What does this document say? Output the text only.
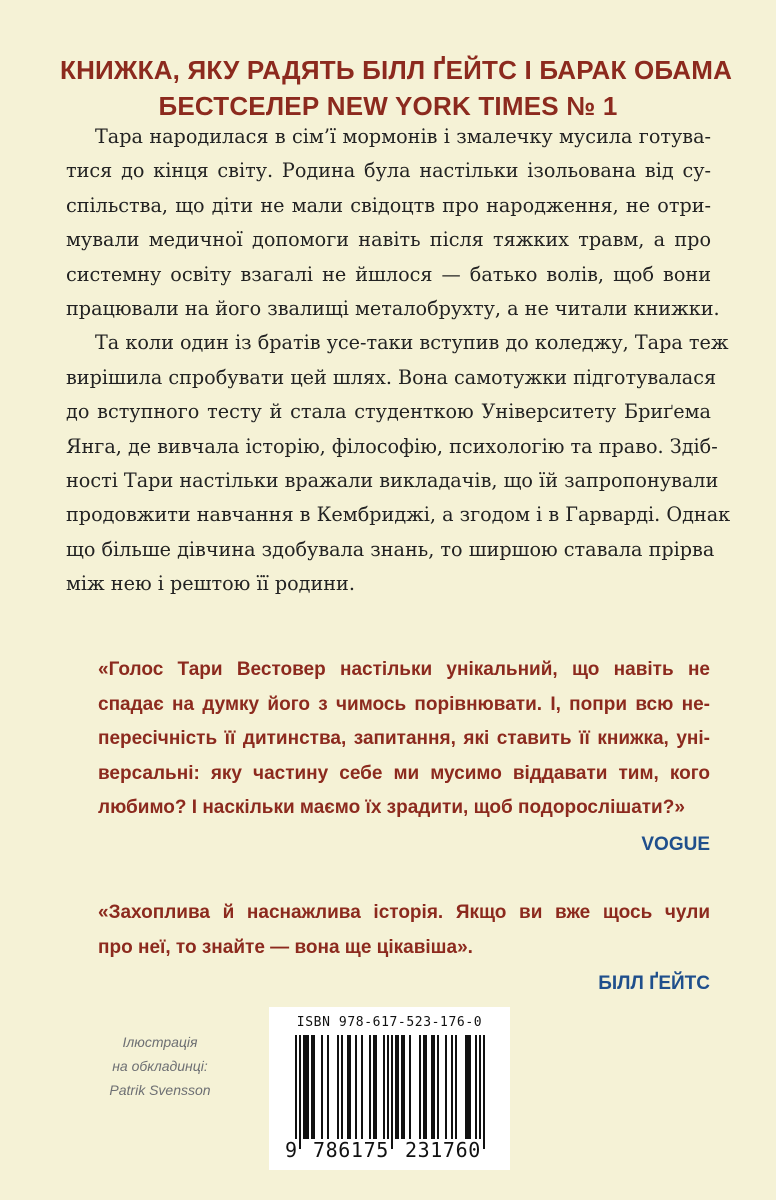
КНИЖКА, ЯКУ РАДЯТЬ БІЛЛ ҐЕЙТС І БАРАК ОБАМА
БЕСТСЕЛЕР NEW YORK TIMES № 1
Тара народилася в сім’ї мормонів і змалечку мусила готува-
тися до кінця світу. Родина була настільки ізольована від су-
спільства, що діти не мали свідоцтв про народження, не отри-
мували медичної допомоги навіть після тяжких травм, а про
системну освіту взагалі не йшлося — батько волів, щоб вони
працювали на його звалищі металобрухту, а не читали книжки.
Та коли один із братів усе-таки вступив до коледжу, Тара теж
вирішила спробувати цей шлях. Вона самотужки підготувалася
до вступного тесту й стала студенткою Університету Бриґема
Янга, де вивчала історію, філософію, психологію та право. Здіб-
ності Тари настільки вражали викладачів, що їй запропонували
продовжити навчання в Кембриджі, а згодом і в Гарварді. Однак
що більше дівчина здобувала знань, то ширшою ставала прірва
між нею і рештою її родини.
«Голос Тари Вестовер настільки унікальний, що навіть не
спадає на думку його з чимось порівнювати. І, попри всю не-
пересічність її дитинства, запитання, які ставить її книжка, уні-
версальні: яку частину себе ми мусимо віддавати тим, кого
любимо? І наскільки маємо їх зрадити, щоб подорослішати?»
VOGUE
«Захоплива й наснажлива історія. Якщо ви вже щось чули
про неї, то знайте — вона ще цікавіша».
БІЛЛ ҐЕЙТС
Ілюстрація
на обкладинці:
Patrik Svensson
ISBN 978-617-523-176-0
9 786175 231760
